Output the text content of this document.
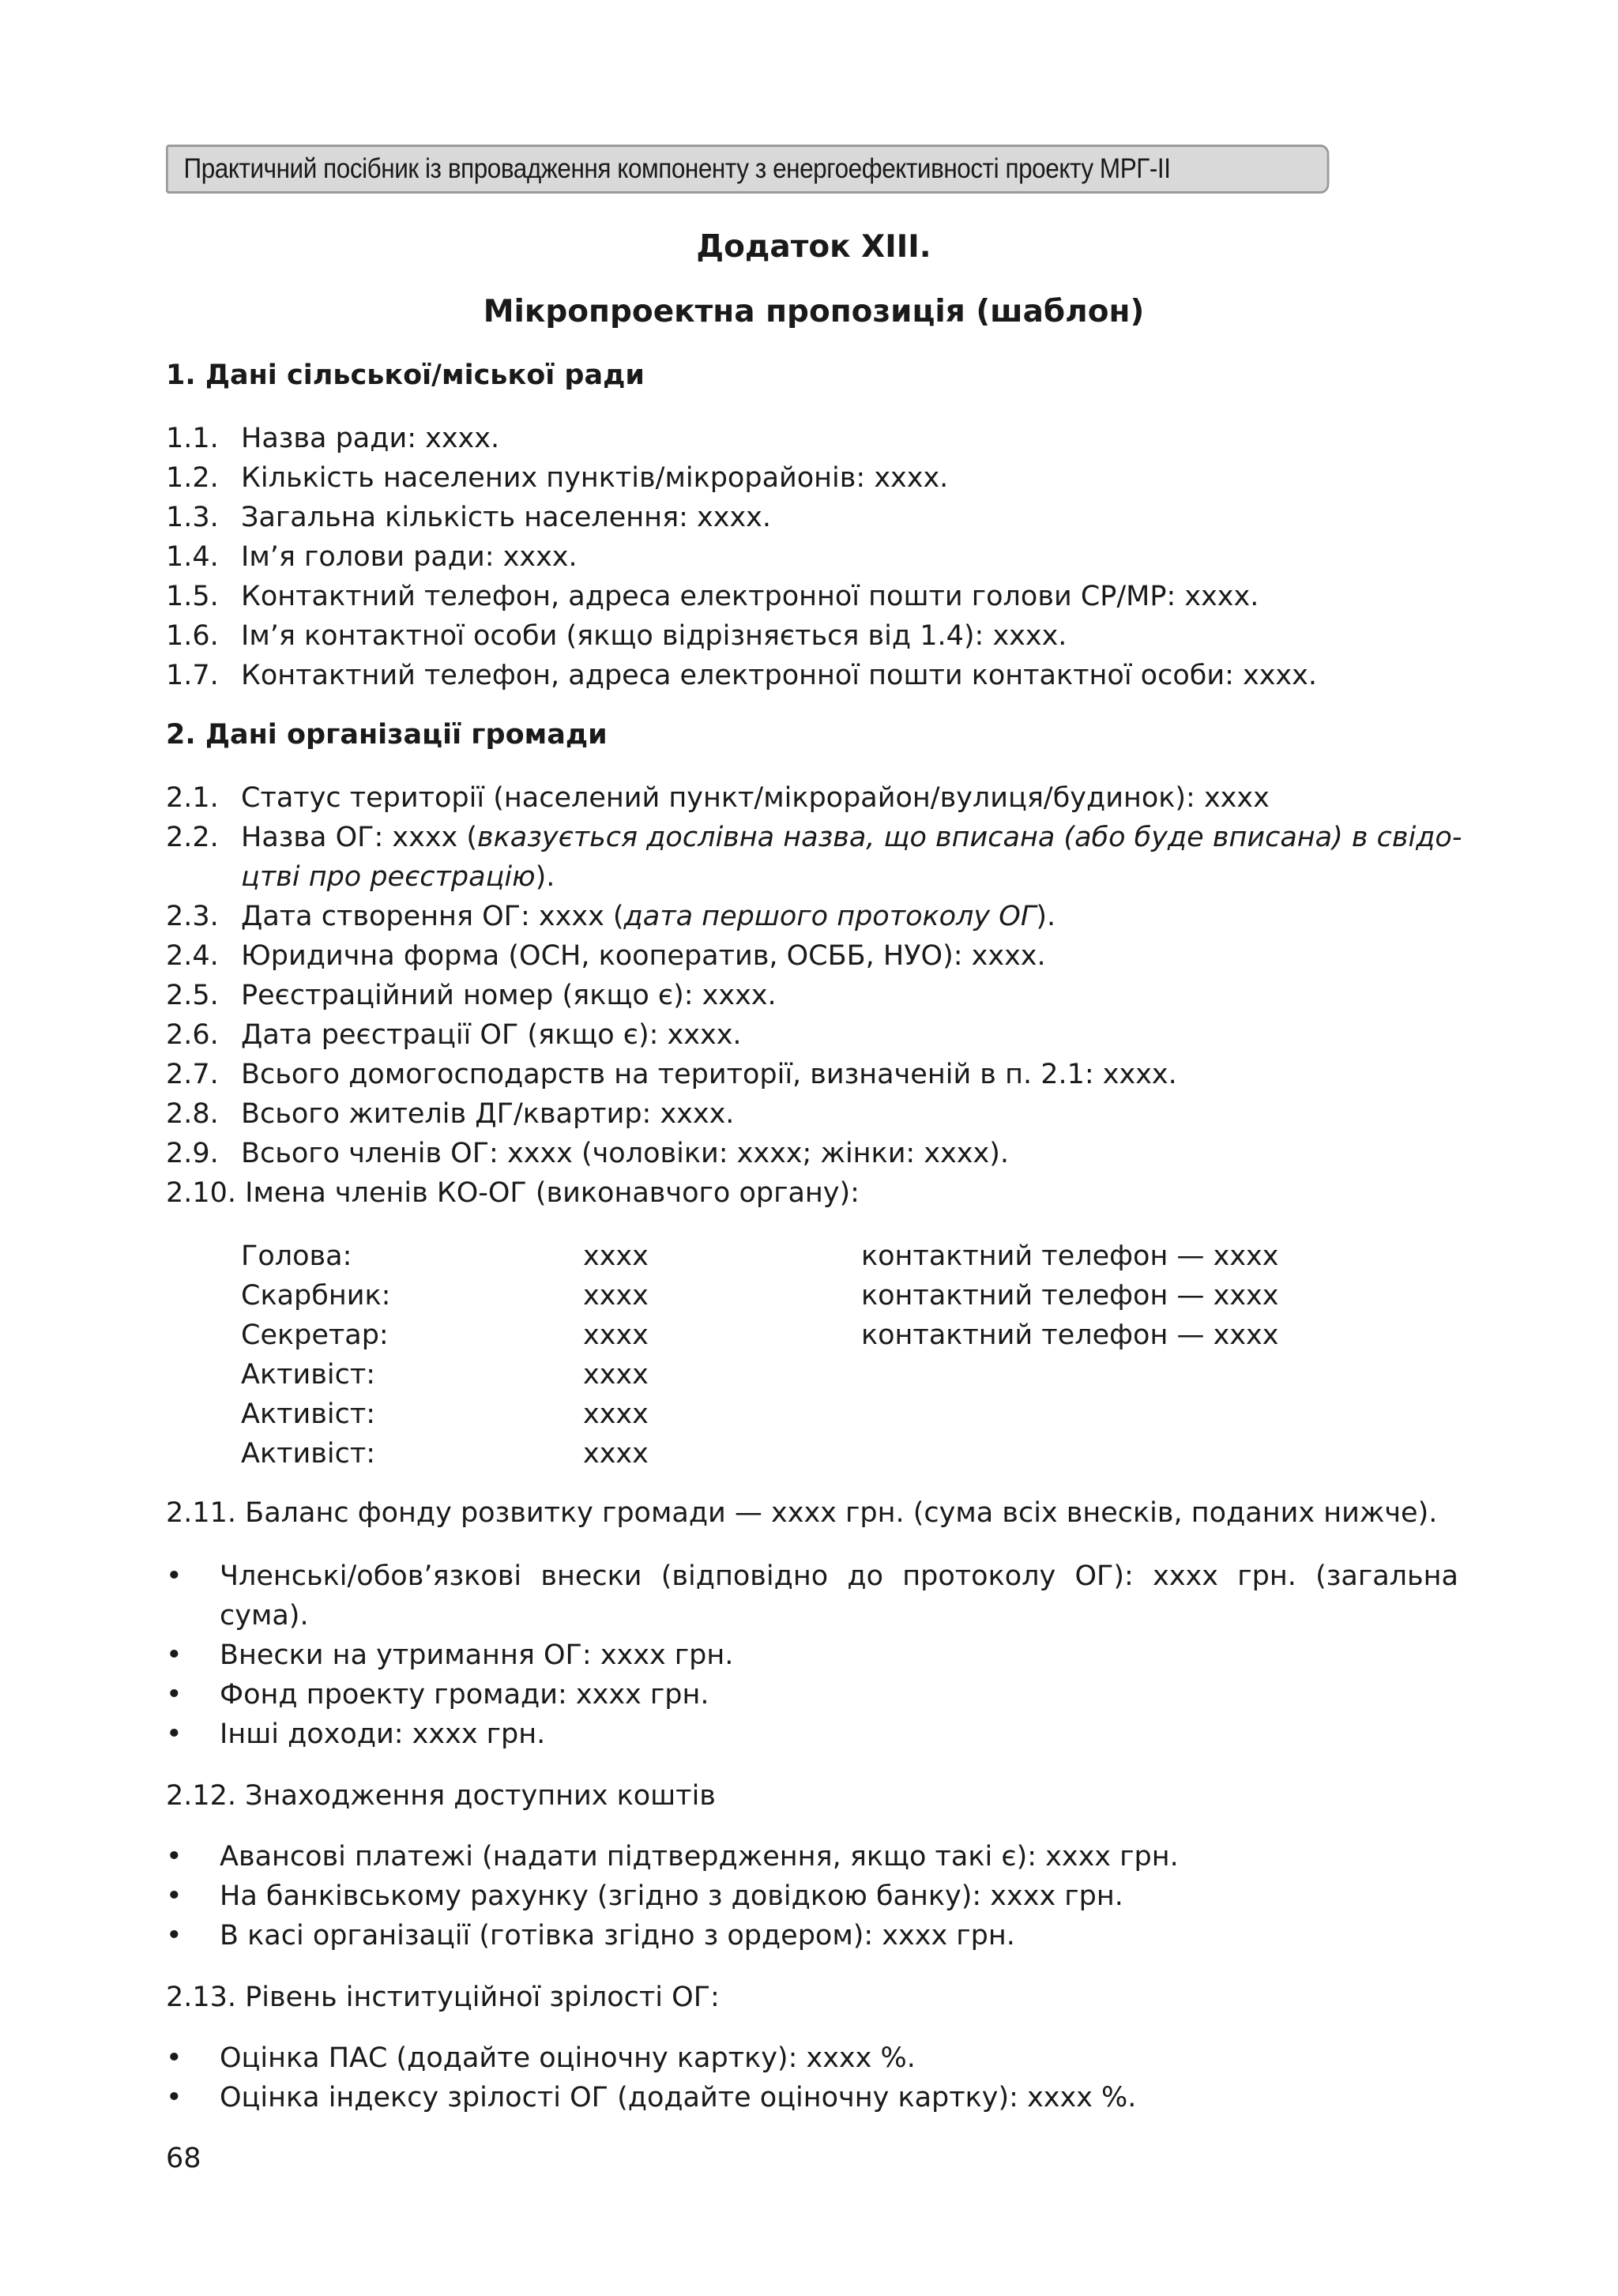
Практичний посібник із впровадження компоненту з енергоефективності проекту МРГ-ІІ
Додаток XIII.
Мікропроектна пропозиція (шаблон)
1. Дані сільської/міської ради
1.1. Назва ради: хххх.
1.2. Кількість населених пунктів/мікрорайонів: хххх.
1.3. Загальна кількість населення: хххх.
1.4. Ім’я голови ради: хххх.
1.5. Контактний телефон, адреса електронної пошти голови СР/МР: хххх.
1.6. Ім’я контактної особи (якщо відрізняється від 1.4): хххх.
1.7. Контактний телефон, адреса електронної пошти контактної особи: хххх.
2. Дані організації громади
2.1. Статус території (населений пункт/мікрорайон/вулиця/будинок): хххх
2.2. Назва ОГ: хххх (вказується дослівна назва, що вписана (або буде вписана) в свідо-
цтві про реєстрацію).
2.3. Дата створення ОГ: хххх (дата першого протоколу ОГ).
2.4. Юридична форма (ОСН, кооператив, ОСББ, НУО): хххх.
2.5. Реєстраційний номер (якщо є): хххх.
2.6. Дата реєстрації ОГ (якщо є): хххх.
2.7. Всього домогосподарств на території, визначеній в п. 2.1: хххх.
2.8. Всього жителів ДГ/квартир: хххх.
2.9. Всього членів ОГ: хххх (чоловіки: хххх; жінки: хххх).
2.10. Імена членів КО-ОГ (виконавчого органу):
Голова:	хххх	контактний телефон — хххх
Скарбник:	хххх	контактний телефон — хххх
Секретар:	хххх	контактний телефон — хххх
Активіст:	хххх
Активіст:	хххх
Активіст:	хххх
2.11. Баланс фонду розвитку громади — хххх грн. (сума всіх внесків, поданих нижче).
• Членські/обов’язкові внески (відповідно до протоколу ОГ): хххх грн. (загальна
сума).
• Внески на утримання ОГ: хххх грн.
• Фонд проекту громади: хххх грн.
• Інші доходи: хххх грн.
2.12. Знаходження доступних коштів
• Авансові платежі (надати підтвердження, якщо такі є): хххх грн.
• На банківському рахунку (згідно з довідкою банку): хххх грн.
• В касі організації (готівка згідно з ордером): хххх грн.
2.13. Рівень інституційної зрілості ОГ:
• Оцінка ПАС (додайте оціночну картку): хххх %.
• Оцінка індексу зрілості ОГ (додайте оціночну картку): хххх %.
68
